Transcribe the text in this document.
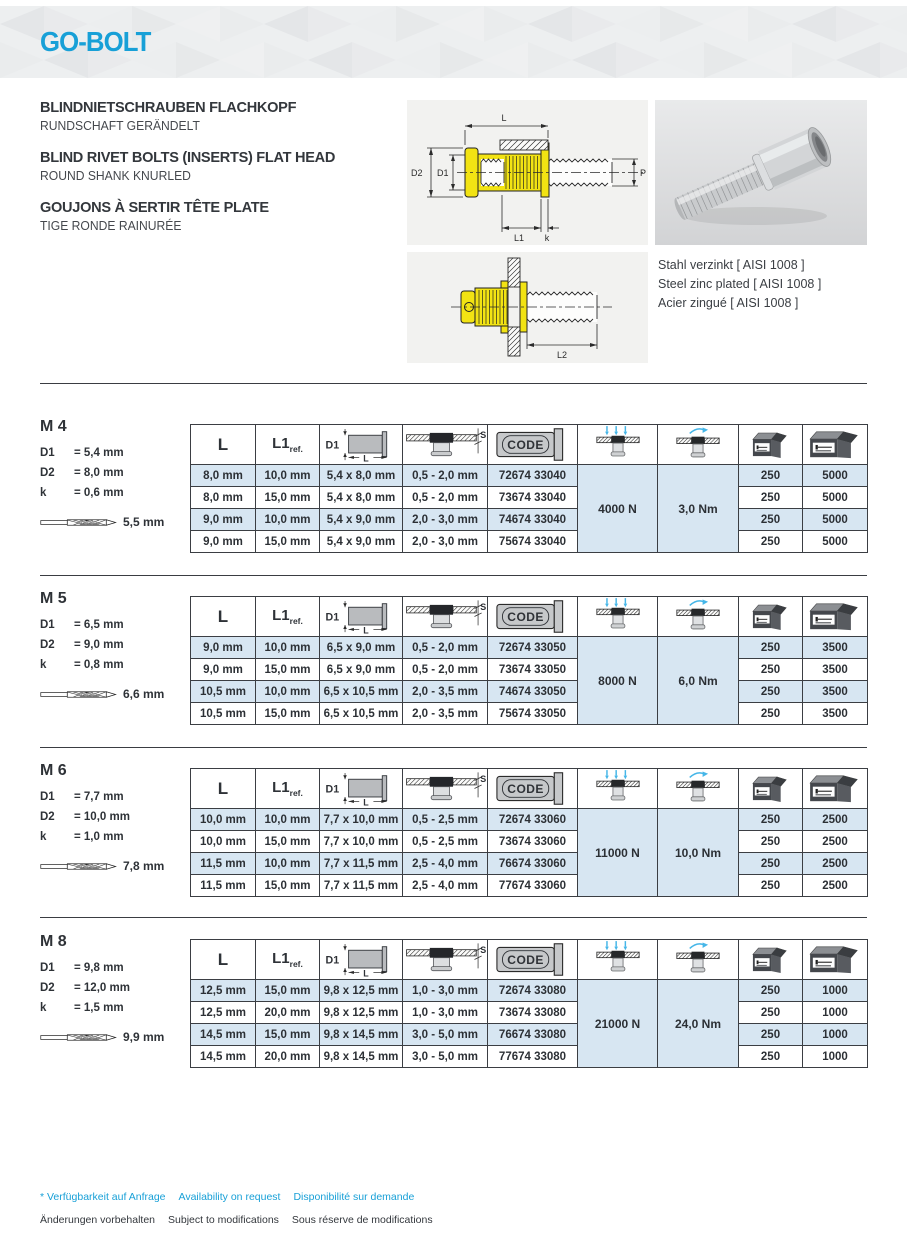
GO-BOLT
BLINDNIETSCHRAUBEN FLACHKOPF
RUNDSCHAFT GERÄNDELT
BLIND RIVET BOLTS (INSERTS) FLAT HEAD
ROUND SHANK KNURLED
GOUJONS À SERTIR TÊTE PLATE
TIGE RONDE RAINURÉE
L
D2 D1	P
L1 k
L2
Stahl verzinkt [ AISI 1008 ]
Steel zinc plated [ AISI 1008 ]
Acier zingué [ AISI 1008 ]
M 4
D1	= 5,4 mm
D2	= 8,0 mm
k	= 0,6 mm
5,5 mm
L	$L1_{ref.}$	D1
L	S	CODE

8,0 mm	10,0 mm	5,4 x 8,0 mm	0,5 - 2,0 mm	72674 33040	4000 N	3,0 Nm	250	5000
8,0 mm	15,0 mm	5,4 x 8,0 mm	0,5 - 2,0 mm	73674 33040			250	5000
9,0 mm	10,0 mm	5,4 x 9,0 mm	2,0 - 3,0 mm	74674 33040			250	5000
9,0 mm	15,0 mm	5,4 x 9,0 mm	2,0 - 3,0 mm	75674 33040			250	5000
M 5
D1	= 6,5 mm
D2	= 9,0 mm
k	= 0,8 mm
6,6 mm
L	$L1_{ref.}$	D1
L	S	CODE

9,0 mm	10,0 mm	6,5 x 9,0 mm	0,5 - 2,0 mm	72674 33050	8000 N	6,0 Nm	250	3500
9,0 mm	15,0 mm	6,5 x 9,0 mm	0,5 - 2,0 mm	73674 33050			250	3500
10,5 mm	10,0 mm	6,5 x 10,5 mm	2,0 - 3,5 mm	74674 33050			250	3500
10,5 mm	15,0 mm	6,5 x 10,5 mm	2,0 - 3,5 mm	75674 33050			250	3500
M 6
D1	= 7,7 mm
D2	= 10,0 mm
k	= 1,0 mm
7,8 mm
L	$L1_{ref.}$	D1
L	S	CODE

10,0 mm	10,0 mm	7,7 x 10,0 mm	0,5 - 2,5 mm	72674 33060	11000 N	10,0 Nm	250	2500
10,0 mm	15,0 mm	7,7 x 10,0 mm	0,5 - 2,5 mm	73674 33060			250	2500
11,5 mm	10,0 mm	7,7 x 11,5 mm	2,5 - 4,0 mm	76674 33060			250	2500
11,5 mm	15,0 mm	7,7 x 11,5 mm	2,5 - 4,0 mm	77674 33060			250	2500
M 8
D1	= 9,8 mm
D2	= 12,0 mm
k	= 1,5 mm
9,9 mm
L	$L1_{ref.}$	D1
L	S	CODE

12,5 mm	15,0 mm	9,8 x 12,5 mm	1,0 - 3,0 mm	72674 33080	21000 N	24,0 Nm	250	1000
12,5 mm	20,0 mm	9,8 x 12,5 mm	1,0 - 3,0 mm	73674 33080			250	1000
14,5 mm	15,0 mm	9,8 x 14,5 mm	3,0 - 5,0 mm	76674 33080			250	1000
14,5 mm	20,0 mm	9,8 x 14,5 mm	3,0 - 5,0 mm	77674 33080			250	1000
* Verfügbarkeit auf Anfrage Availability on request Disponibilité sur demande
Änderungen vorbehalten Subject to modifications Sous réserve de modifications
